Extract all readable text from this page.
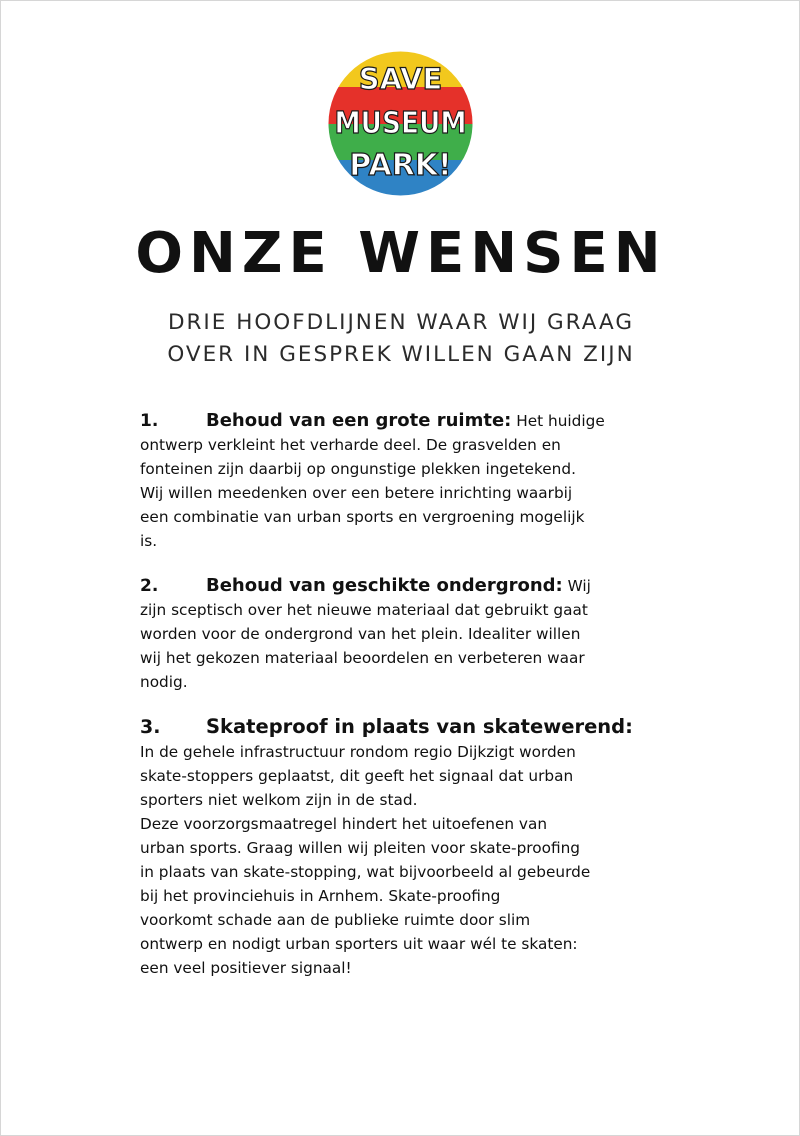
SAVE
MUSEUM
PARK!
ONZE WENSEN
DRIE HOOFDLIJNEN WAAR WIJ GRAAG
OVER IN GESPREK WILLEN GAAN ZIJN
1.	Behoud van een grote ruimte: Het huidige
ontwerp verkleint het verharde deel. De grasvelden en
fonteinen zijn daarbij op ongunstige plekken ingetekend.
Wij willen meedenken over een betere inrichting waarbij
een combinatie van urban sports en vergroening mogelijk
is.
2.	Behoud van geschikte ondergrond: Wij
zijn sceptisch over het nieuwe materiaal dat gebruikt gaat
worden voor de ondergrond van het plein. Idealiter willen
wij het gekozen materiaal beoordelen en verbeteren waar
nodig.
3.	Skateproof in plaats van skatewerend:
In de gehele infrastructuur rondom regio Dijkzigt worden
skate-stoppers geplaatst, dit geeft het signaal dat urban
sporters niet welkom zijn in de stad.
Deze voorzorgsmaatregel hindert het uitoefenen van
urban sports. Graag willen wij pleiten voor skate-proofing
in plaats van skate-stopping, wat bijvoorbeeld al gebeurde
bij het provinciehuis in Arnhem. Skate-proofing
voorkomt schade aan de publieke ruimte door slim
ontwerp en nodigt urban sporters uit waar wél te skaten:
een veel positiever signaal!
